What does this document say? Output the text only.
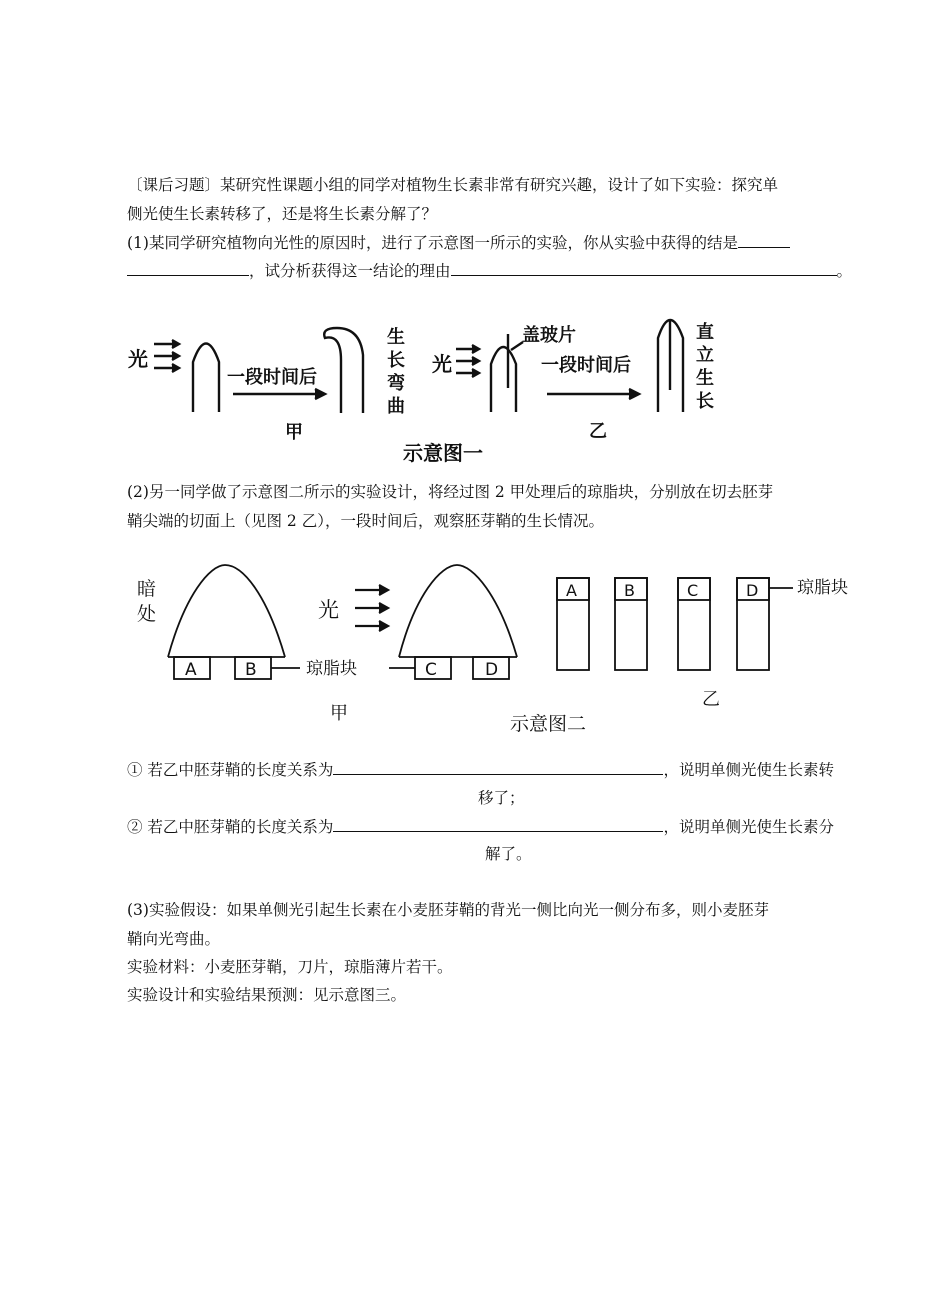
〔课后习题〕某研究性课题小组的同学对植物生长素非常有研究兴趣，设计了如下实验：探究单
侧光使生长素转移了，还是将生长素分解了？
(1)某同学研究植物向光性的原因时，进行了示意图一所示的实验，你从实验中获得的结是
，试分析获得这一结论的理由	。
光
一段时间后
生
长
弯
曲
甲
盖玻片
光	一段时间后
直
立
生
长
乙
示意图一
(2)另一同学做了示意图二所示的实验设计，将经过图 2 甲处理后的琼脂块，分别放在切去胚芽
鞘尖端的切面上（见图 2 乙），一段时间后，观察胚芽鞘的生长情况。
暗
处	光
A	B	C	D
琼脂块
A	B	C	D 琼脂块
甲
乙
示意图二
① 若乙中胚芽鞘的长度关系为	，说明单侧光使生长素转
移了；
② 若乙中胚芽鞘的长度关系为	，说明单侧光使生长素分
解了。
(3)实验假设：如果单侧光引起生长素在小麦胚芽鞘的背光一侧比向光一侧分布多，则小麦胚芽
鞘向光弯曲。
实验材料：小麦胚芽鞘，刀片，琼脂薄片若干。
实验设计和实验结果预测：见示意图三。
